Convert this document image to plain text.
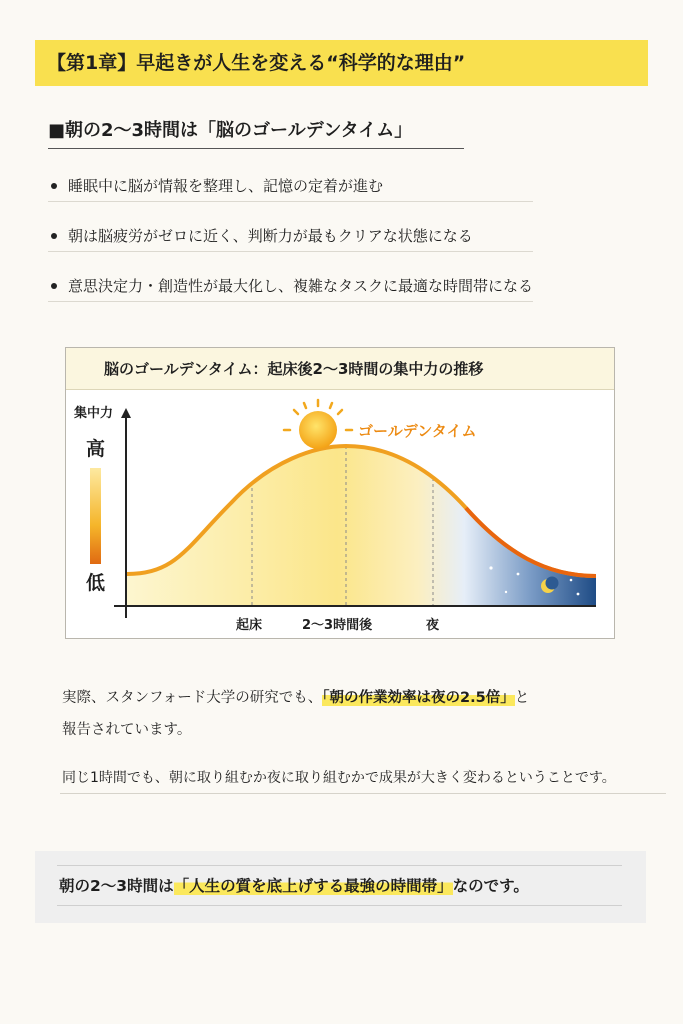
【第1章】早起きが人生を変える“科学的な理由”
■朝の2〜3時間は「脳のゴールデンタイム」
睡眠中に脳が情報を整理し、記憶の定着が進む
朝は脳疲労がゼロに近く、判断力が最もクリアな状態になる
意思決定力・創造性が最大化し、複雑なタスクに最適な時間帯になる
脳のゴールデンタイム：起床後2〜3時間の集中力の推移
集中力
高
低
ゴールデンタイム
起床	2〜3時間後	夜
実際、スタンフォード大学の研究でも、「朝の作業効率は夜の2.5倍」と
報告されています。
同じ1時間でも、朝に取り組むか夜に取り組むかで成果が大きく変わるということです。
朝の2〜3時間は「人生の質を底上げする最強の時間帯」なのです。
